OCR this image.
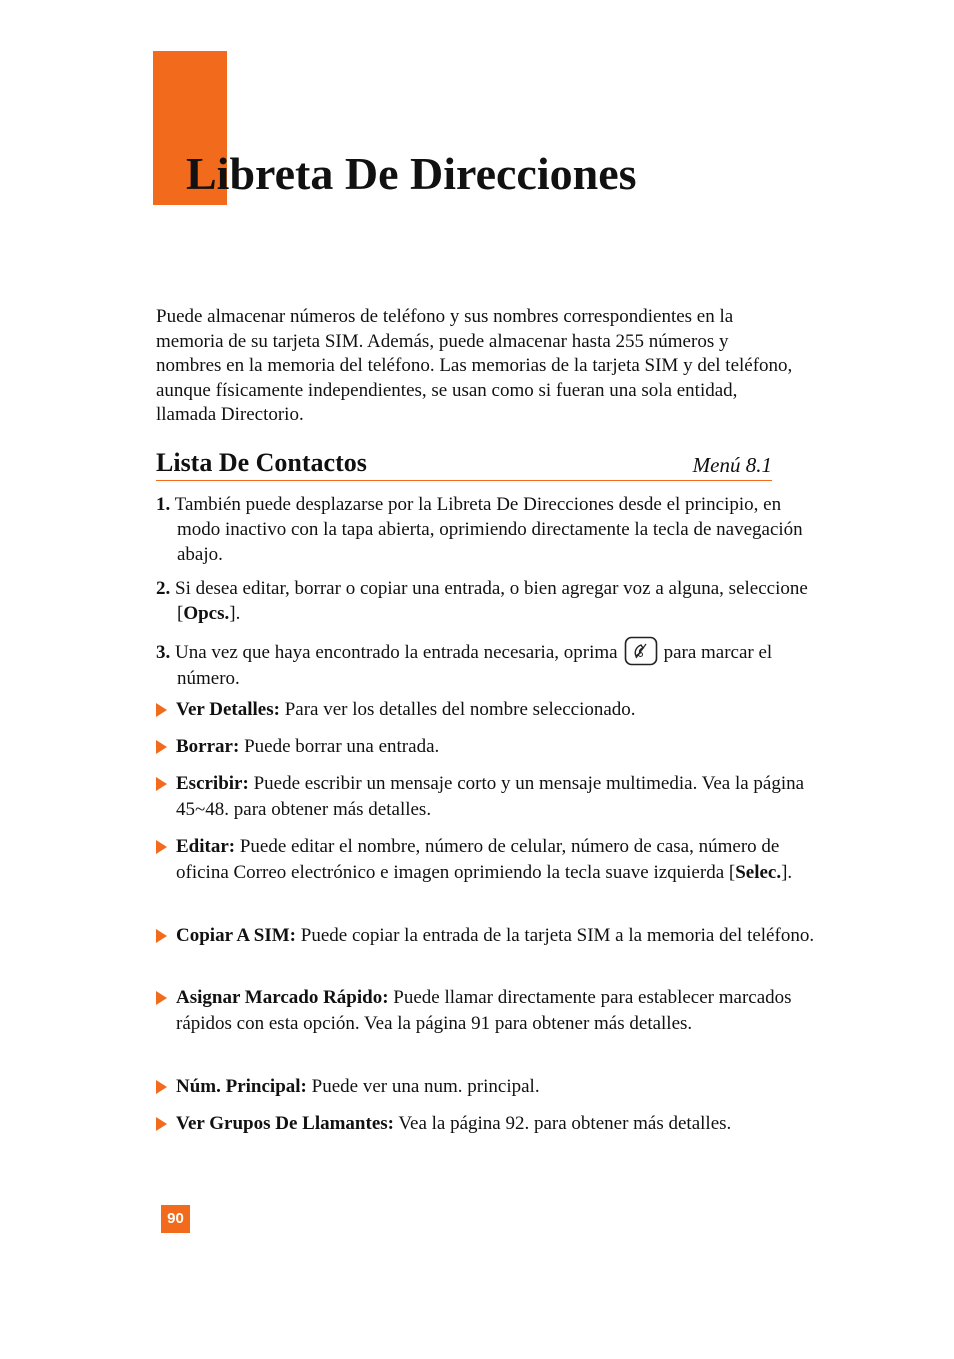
Libreta De Direcciones

Puede almacenar números de teléfono y sus nombres correspondientes en la memoria de su tarjeta SIM. Además, puede almacenar hasta 255 números y nombres en la memoria del teléfono. Las memorias de la tarjeta SIM y del teléfono, aunque físicamente independientes, se usan como si fueran una sola entidad, llamada Directorio.

Lista De Contactos	Menú 8.1

1. También puede desplazarse por la Libreta De Direcciones desde el principio, en modo inactivo con la tapa abierta, oprimiendo directamente la tecla de navegación abajo.

2. Si desea editar, borrar o copiar una entrada, o bien agregar voz a alguna, seleccione [Opcs.].

3. Una vez que haya encontrado la entrada necesaria, oprima para marcar el número.

Ver Detalles: Para ver los detalles del nombre seleccionado.
Borrar: Puede borrar una entrada.
Escribir: Puede escribir un mensaje corto y un mensaje multimedia. Vea la página 45~48. para obtener más detalles.
Editar: Puede editar el nombre, número de celular, número de casa, número de oficina Correo electrónico e imagen oprimiendo la tecla suave izquierda [Selec.].
Copiar A SIM: Puede copiar la entrada de la tarjeta SIM a la memoria del teléfono.
Asignar Marcado Rápido: Puede llamar directamente para establecer marcados rápidos con esta opción. Vea la página 91 para obtener más detalles.
Núm. Principal: Puede ver una num. principal.
Ver Grupos De Llamantes: Vea la página 92. para obtener más detalles.
90
